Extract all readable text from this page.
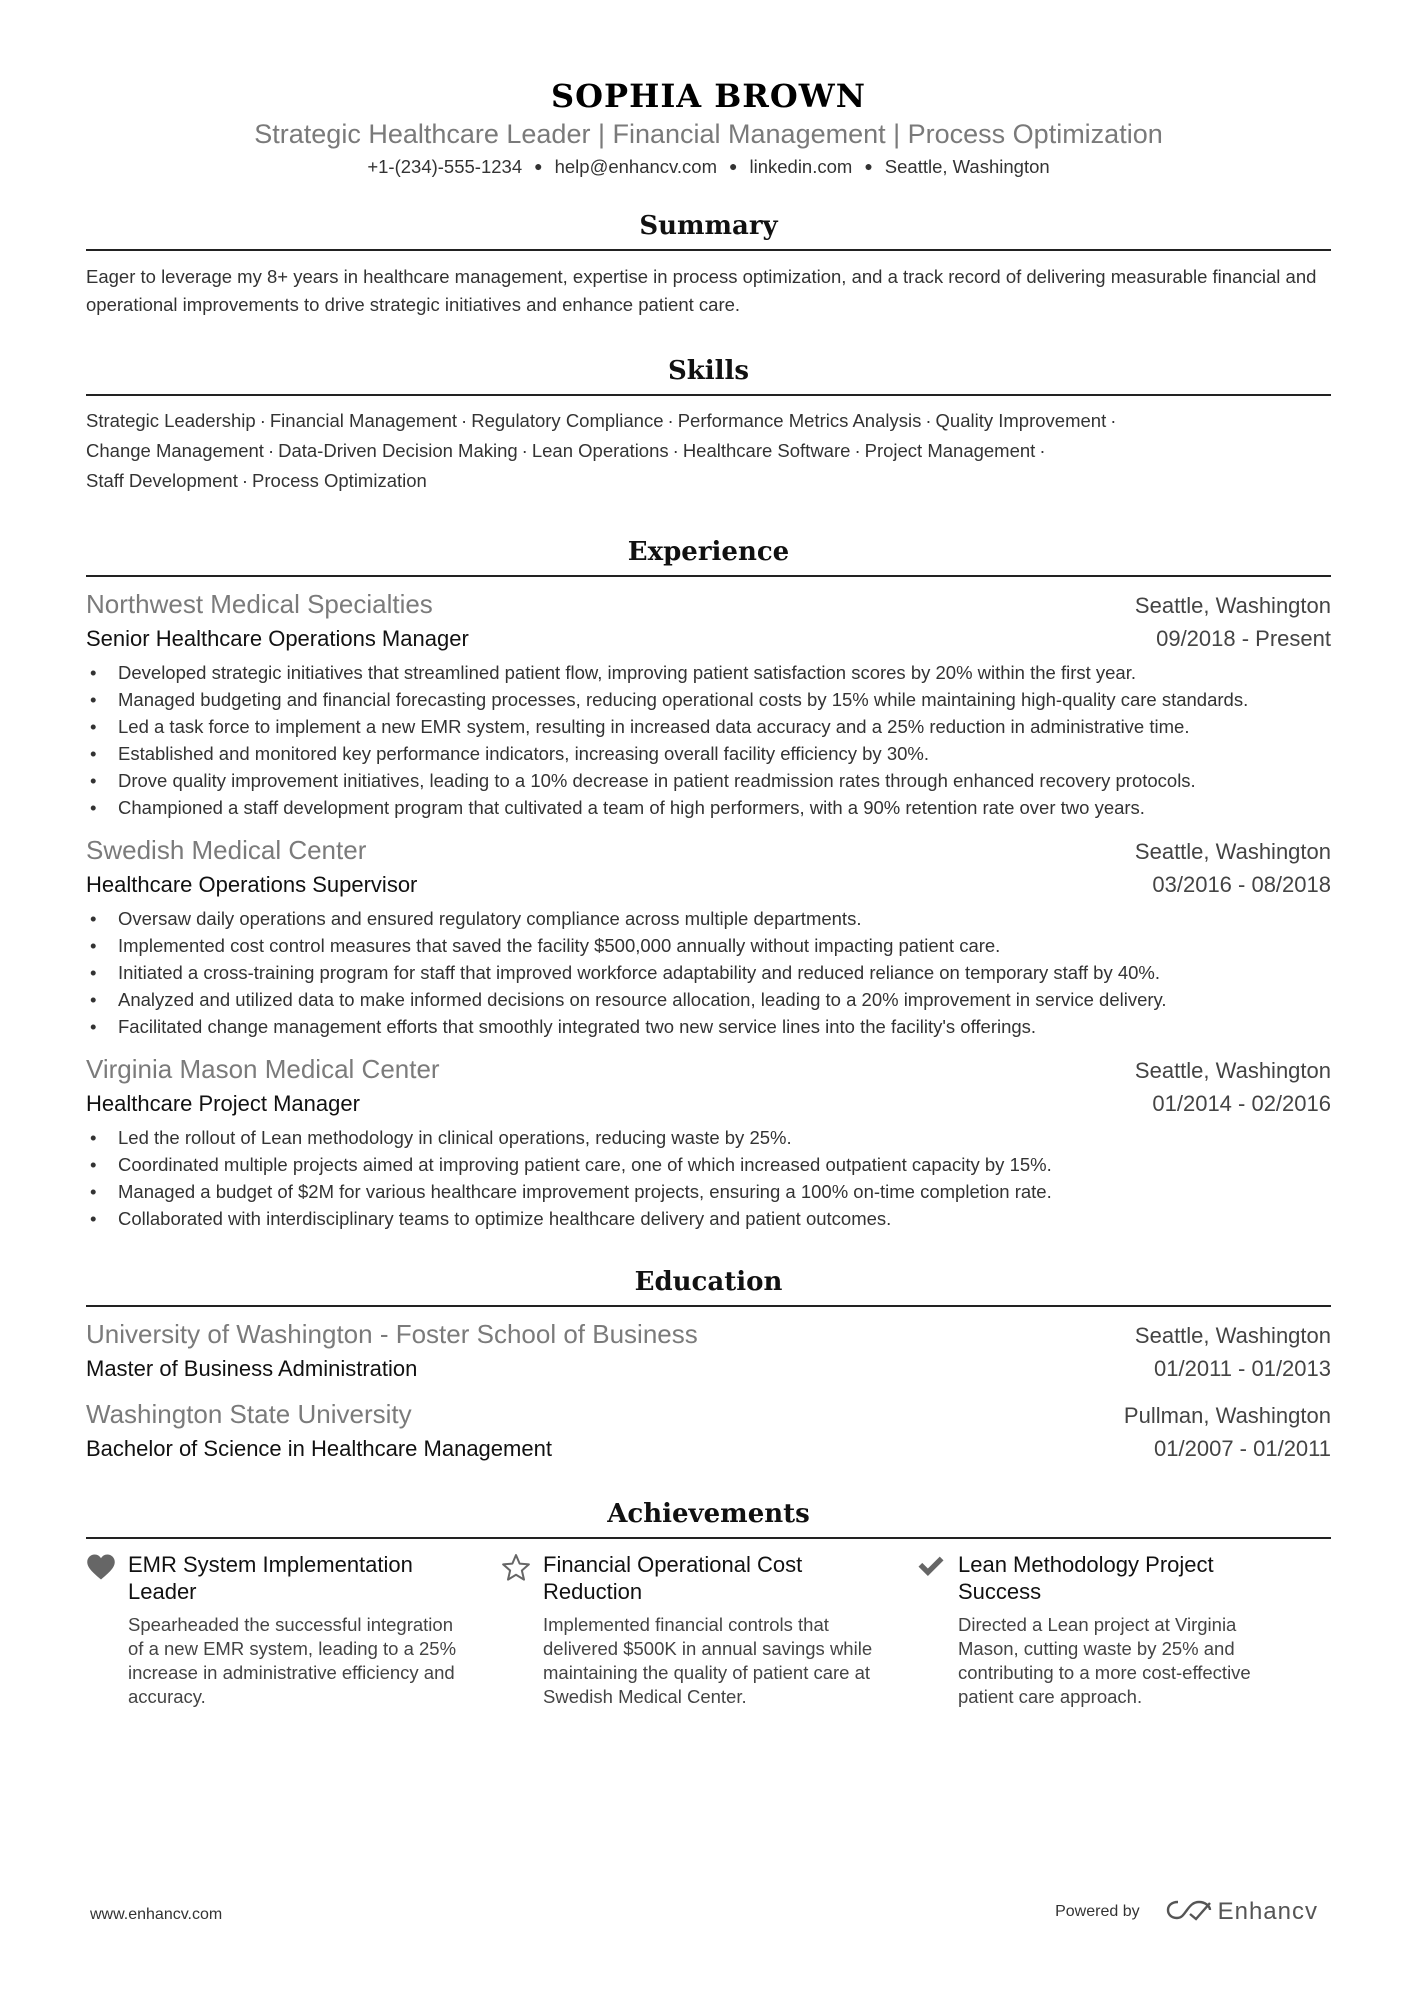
SOPHIA BROWN
Strategic Healthcare Leader | Financial Management | Process Optimization
+1-(234)-555-1234 ● help@enhancv.com ● linkedin.com ● Seattle, Washington
Summary
Eager to leverage my 8+ years in healthcare management, expertise in process optimization, and a track record of delivering measurable financial and operational improvements to drive strategic initiatives and enhance patient care.
Skills
Strategic Leadership · Financial Management · Regulatory Compliance · Performance Metrics Analysis · Quality Improvement ·
Change Management · Data-Driven Decision Making · Lean Operations · Healthcare Software · Project Management ·
Staff Development · Process Optimization
Experience
Northwest Medical Specialties	Seattle, Washington
Senior Healthcare Operations Manager	09/2018 - Present
• Developed strategic initiatives that streamlined patient flow, improving patient satisfaction scores by 20% within the first year.
• Managed budgeting and financial forecasting processes, reducing operational costs by 15% while maintaining high-quality care standards.
• Led a task force to implement a new EMR system, resulting in increased data accuracy and a 25% reduction in administrative time.
• Established and monitored key performance indicators, increasing overall facility efficiency by 30%.
• Drove quality improvement initiatives, leading to a 10% decrease in patient readmission rates through enhanced recovery protocols.
• Championed a staff development program that cultivated a team of high performers, with a 90% retention rate over two years.
Swedish Medical Center	Seattle, Washington
Healthcare Operations Supervisor	03/2016 - 08/2018
• Oversaw daily operations and ensured regulatory compliance across multiple departments.
• Implemented cost control measures that saved the facility $500,000 annually without impacting patient care.
• Initiated a cross-training program for staff that improved workforce adaptability and reduced reliance on temporary staff by 40%.
• Analyzed and utilized data to make informed decisions on resource allocation, leading to a 20% improvement in service delivery.
• Facilitated change management efforts that smoothly integrated two new service lines into the facility's offerings.
Virginia Mason Medical Center	Seattle, Washington
Healthcare Project Manager	01/2014 - 02/2016
• Led the rollout of Lean methodology in clinical operations, reducing waste by 25%.
• Coordinated multiple projects aimed at improving patient care, one of which increased outpatient capacity by 15%.
• Managed a budget of $2M for various healthcare improvement projects, ensuring a 100% on-time completion rate.
• Collaborated with interdisciplinary teams to optimize healthcare delivery and patient outcomes.
Education
University of Washington - Foster School of Business	Seattle, Washington
Master of Business Administration	01/2011 - 01/2013
Washington State University	Pullman, Washington
Bachelor of Science in Healthcare Management	01/2007 - 01/2011
Achievements
EMR System Implementation Leader
Spearheaded the successful integration of a new EMR system, leading to a 25% increase in administrative efficiency and accuracy.
Financial Operational Cost Reduction
Implemented financial controls that delivered $500K in annual savings while maintaining the quality of patient care at Swedish Medical Center.
Lean Methodology Project Success
Directed a Lean project at Virginia Mason, cutting waste by 25% and contributing to a more cost-effective patient care approach.
www.enhancv.com	Powered by	Enhancv
